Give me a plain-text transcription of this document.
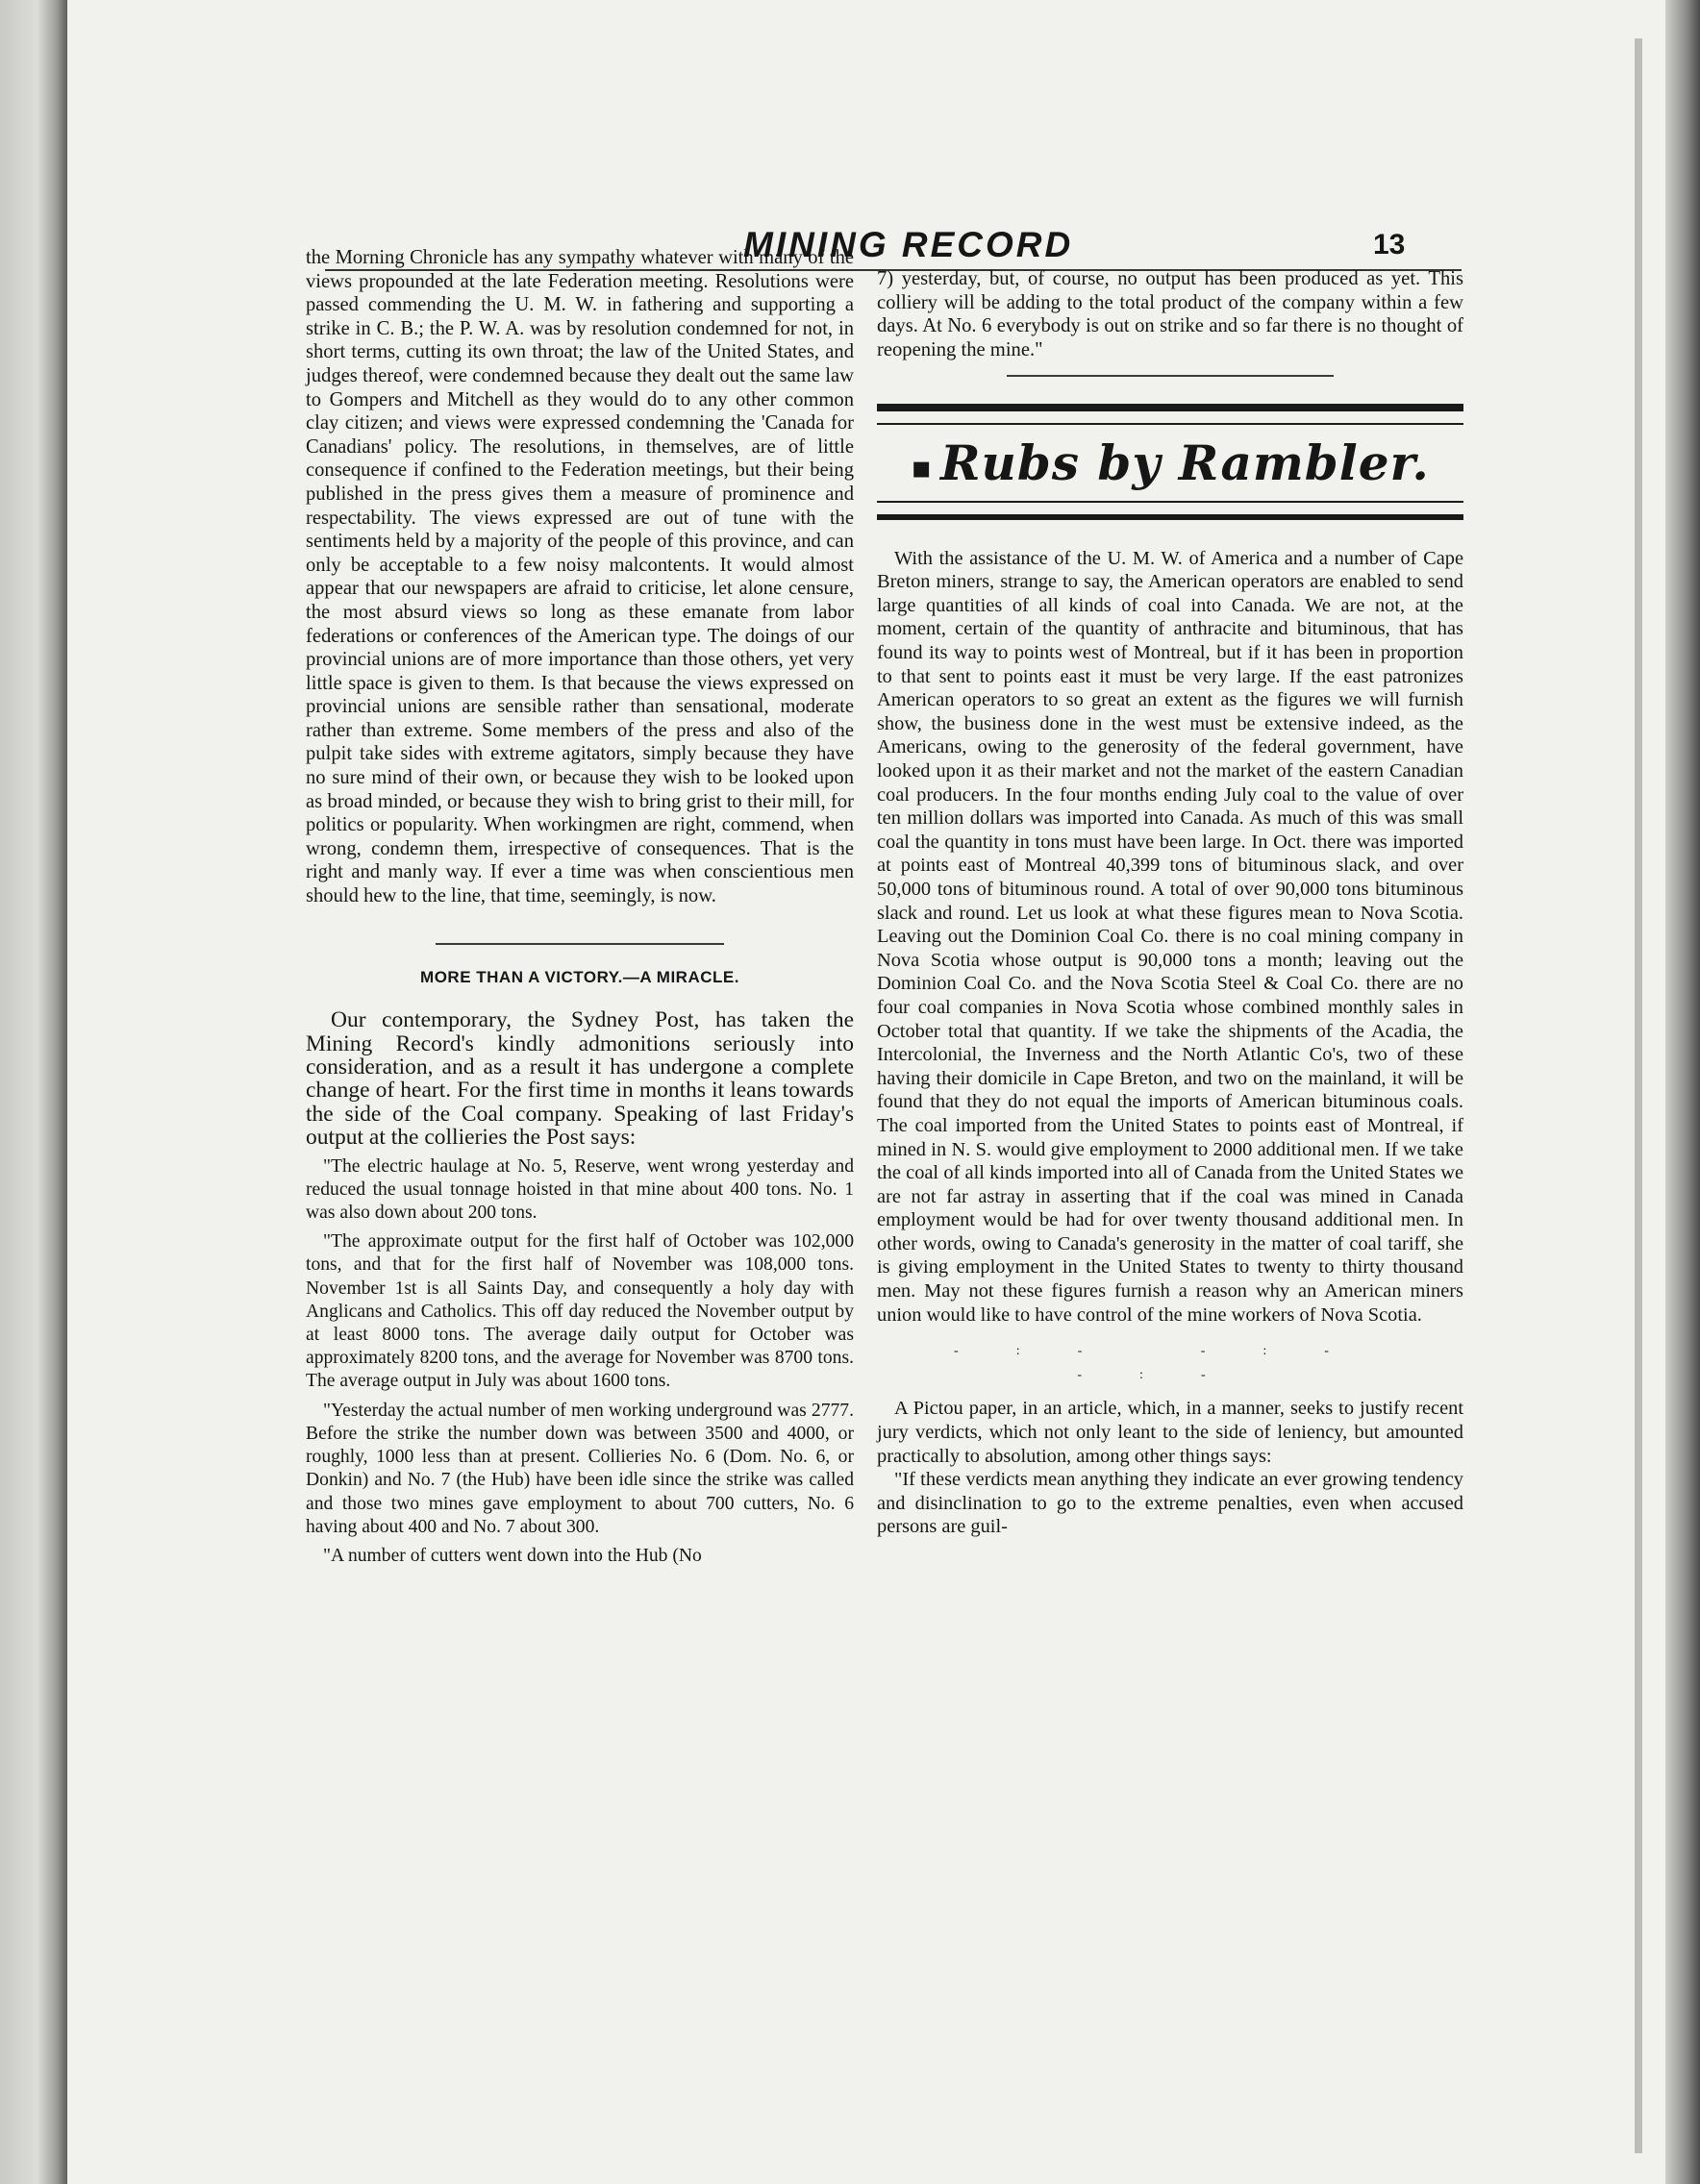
MINING RECORD	13

the Morning Chronicle has any sympathy whatever with many of the views propounded at the late Federation meeting. Resolutions were passed commending the U. M. W. in fathering and supporting a strike in C. B.; the P. W. A. was by resolution condemned for not, in short terms, cutting its own throat; the law of the United States, and judges thereof, were condemned because they dealt out the same law to Gompers and Mitchell as they would do to any other common clay citizen; and views were expressed condemning the 'Canada for Canadians' policy. The resolutions, in themselves, are of little consequence if confined to the Federation meetings, but their being published in the press gives them a measure of prominence and respectability. The views expressed are out of tune with the sentiments held by a majority of the people of this province, and can only be acceptable to a few noisy malcontents. It would almost appear that our newspapers are afraid to criticise, let alone censure, the most absurd views so long as these emanate from labor federations or conferences of the American type. The doings of our provincial unions are of more importance than those others, yet very little space is given to them. Is that because the views expressed on provincial unions are sensible rather than sensational, moderate rather than extreme. Some members of the press and also of the pulpit take sides with extreme agitators, simply because they have no sure mind of their own, or because they wish to be looked upon as broad minded, or because they wish to bring grist to their mill, for politics or popularity. When workingmen are right, commend, when wrong, condemn them, irrespective of consequences. That is the right and manly way. If ever a time was when conscientious men should hew to the line, that time, seemingly, is now.

MORE THAN A VICTORY.—A MIRACLE.

Our contemporary, the Sydney Post, has taken the Mining Record's kindly admonitions seriously into consideration, and as a result it has undergone a complete change of heart. For the first time in months it leans towards the side of the Coal company. Speaking of last Friday's output at the collieries the Post says:

"The electric haulage at No. 5, Reserve, went wrong yesterday and reduced the usual tonnage hoisted in that mine about 400 tons. No. 1 was also down about 200 tons.

"The approximate output for the first half of October was 102,000 tons, and that for the first half of November was 108,000 tons. November 1st is all Saints Day, and consequently a holy day with Anglicans and Catholics. This off day reduced the November output by at least 8000 tons. The average daily output for October was approximately 8200 tons, and the average for November was 8700 tons. The average output in July was about 1600 tons.

"Yesterday the actual number of men working underground was 2777. Before the strike the number down was between 3500 and 4000, or roughly, 1000 less than at present. Collieries No. 6 (Dom. No. 6, or Donkin) and No. 7 (the Hub) have been idle since the strike was called and those two mines gave employment to about 700 cutters, No. 6 having about 400 and No. 7 about 300.

"A number of cutters went down into the Hub (No

7) yesterday, but, of course, no output has been produced as yet. This colliery will be adding to the total product of the company within a few days. At No. 6 everybody is out on strike and so far there is no thought of reopening the mine."

▪ Rubs by Rambler.

With the assistance of the U. M. W. of America and a number of Cape Breton miners, strange to say, the American operators are enabled to send large quantities of all kinds of coal into Canada. We are not, at the moment, certain of the quantity of anthracite and bituminous, that has found its way to points west of Montreal, but if it has been in proportion to that sent to points east it must be very large. If the east patronizes American operators to so great an extent as the figures we will furnish show, the business done in the west must be extensive indeed, as the Americans, owing to the generosity of the federal government, have looked upon it as their market and not the market of the eastern Canadian coal producers. In the four months ending July coal to the value of over ten million dollars was imported into Canada. As much of this was small coal the quantity in tons must have been large. In Oct. there was imported at points east of Montreal 40,399 tons of bituminous slack, and over 50,000 tons of bituminous round. A total of over 90,000 tons bituminous slack and round. Let us look at what these figures mean to Nova Scotia. Leaving out the Dominion Coal Co. there is no coal mining company in Nova Scotia whose output is 90,000 tons a month; leaving out the Dominion Coal Co. and the Nova Scotia Steel & Coal Co. there are no four coal companies in Nova Scotia whose combined monthly sales in October total that quantity. If we take the shipments of the Acadia, the Intercolonial, the Inverness and the North Atlantic Co's, two of these having their domicile in Cape Breton, and two on the mainland, it will be found that they do not equal the imports of American bituminous coals. The coal imported from the United States to points east of Montreal, if mined in N. S. would give employment to 2000 additional men. If we take the coal of all kinds imported into all of Canada from the United States we are not far astray in asserting that if the coal was mined in Canada employment would be had for over twenty thousand additional men. In other words, owing to Canada's generosity in the matter of coal tariff, she is giving employment in the United States to twenty to thirty thousand men. May not these figures furnish a reason why an American miners union would like to have control of the mine workers of Nova Scotia.

-:- -:- -:-

A Pictou paper, in an article, which, in a manner, seeks to justify recent jury verdicts, which not only leant to the side of leniency, but amounted practically to absolution, among other things says:

"If these verdicts mean anything they indicate an ever growing tendency and disinclination to go to the extreme penalties, even when accused persons are guil-
